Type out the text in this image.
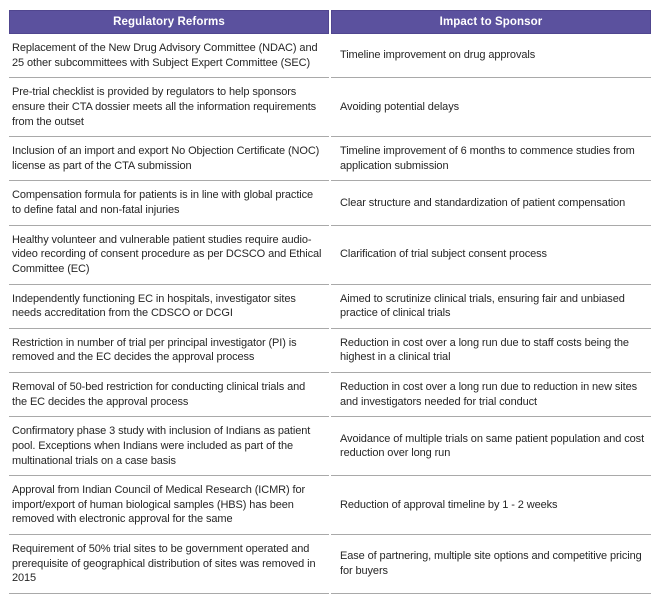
Regulatory Reforms	Impact to Sponsor
Replacement of the New Drug Advisory Committee (NDAC) and 25 other subcommittees with Subject Expert Committee (SEC)	Timeline improvement on drug approvals
Pre-trial checklist is provided by regulators to help sponsors ensure their CTA dossier meets all the information requirements from the outset	Avoiding potential delays
Inclusion of an import and export No Objection Certificate (NOC) license as part of the CTA submission	Timeline improvement of 6 months to commence studies from application submission
Compensation formula for patients is in line with global practice to define fatal and non-fatal injuries	Clear structure and standardization of patient compensation
Healthy volunteer and vulnerable patient studies require audio-video recording of consent procedure as per DCSCO and Ethical Committee (EC)	Clarification of trial subject consent process
Independently functioning EC in hospitals, investigator sites needs accreditation from the CDSCO or DCGI	Aimed to scrutinize clinical trials, ensuring fair and unbiased practice of clinical trials
Restriction in number of trial per principal investigator (PI) is removed and the EC decides the approval process	Reduction in cost over a long run due to staff costs being the highest in a clinical trial
Removal of 50-bed restriction for conducting clinical trials and the EC decides the approval process	Reduction in cost over a long run due to reduction in new sites and investigators needed for trial conduct
Confirmatory phase 3 study with inclusion of Indians as patient pool. Exceptions when Indians were included as part of the multinational trials on a case basis	Avoidance of multiple trials on same patient population and cost reduction over long run
Approval from Indian Council of Medical Research (ICMR) for import/export of human biological samples (HBS) has been removed with electronic approval for the same	Reduction of approval timeline by 1 - 2 weeks
Requirement of 50% trial sites to be government operated and prerequisite of geographical distribution of sites was removed in 2015	Ease of partnering, multiple site options and competitive pricing for buyers
